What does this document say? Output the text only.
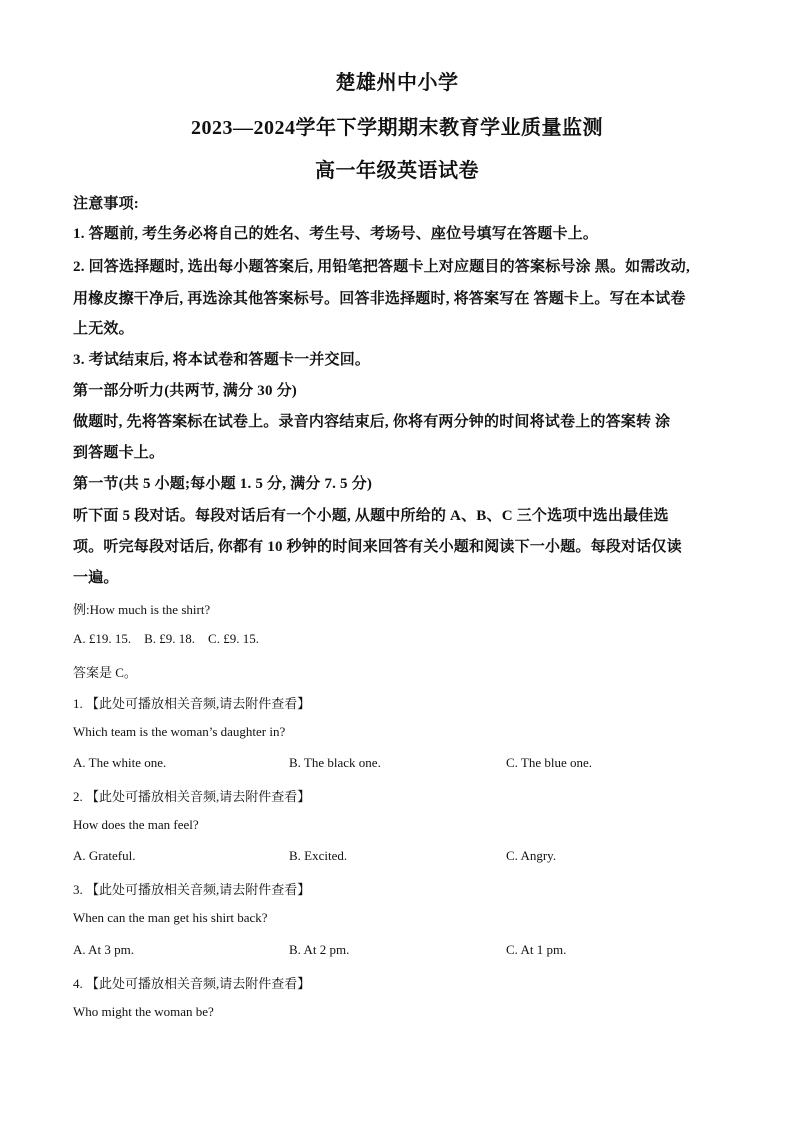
楚雄州中小学
2023—2024学年下学期期末教育学业质量监测
高一年级英语试卷
注意事项:
1. 答题前, 考生务必将自己的姓名、考生号、考场号、座位号填写在答题卡上。
2. 回答选择题时, 选出每小题答案后, 用铅笔把答题卡上对应题目的答案标号涂 黑。如需改动,
用橡皮擦干净后, 再选涂其他答案标号。回答非选择题时, 将答案写在 答题卡上。写在本试卷
上无效。
3. 考试结束后, 将本试卷和答题卡一并交回。
第一部分听力(共两节, 满分 30 分)
做题时, 先将答案标在试卷上。录音内容结束后, 你将有两分钟的时间将试卷上的答案转 涂
到答题卡上。
第一节(共 5 小题;每小题 1. 5 分, 满分 7. 5 分)
听下面 5 段对话。每段对话后有一个小题, 从题中所给的 A、B、C 三个选项中选出最佳选
项。听完每段对话后, 你都有 10 秒钟的时间来回答有关小题和阅读下一小题。每段对话仅读
一遍。
例:How much is the shirt?
A. £19. 15.    B. £9. 18.    C. £9. 15.
答案是 C。
1. 【此处可播放相关音频,请去附件查看】
Which team is the woman’s daughter in?
A. The white one.	B. The black one.	C. The blue one.
2. 【此处可播放相关音频,请去附件查看】
How does the man feel?
A. Grateful.	B. Excited.	C. Angry.
3. 【此处可播放相关音频,请去附件查看】
When can the man get his shirt back?
A. At 3 pm.	B. At 2 pm.	C. At 1 pm.
4. 【此处可播放相关音频,请去附件查看】
Who might the woman be?
